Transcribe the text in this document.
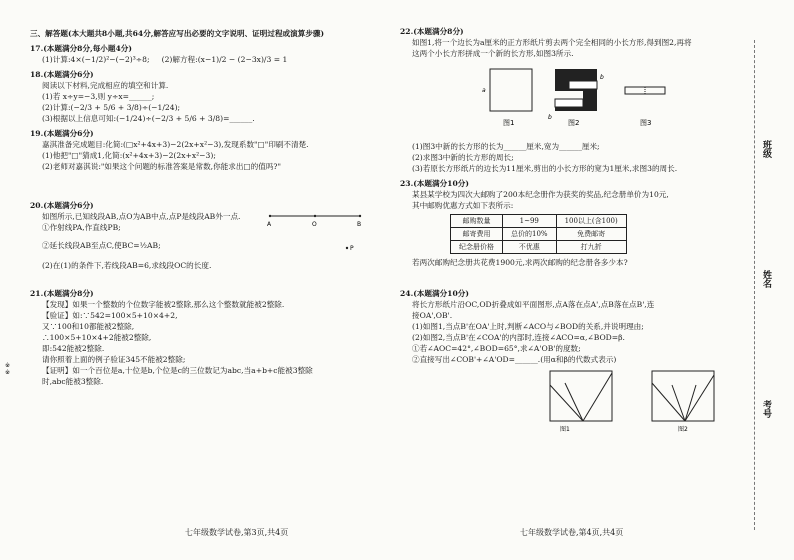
三、解答题(本大题共8小题,共64分,解答应写出必要的文字说明、证明过程或演算步骤)
17.(本题满分8分,每小题4分)
(1)计算:4×(−1/2)²−(−2)³÷8; (2)解方程:(x−1)/2 − (2−3x)/3 = 1
18.(本题满分6分)
阅读以下材料,完成相应的填空和计算.
(1)若 x÷y=−3,则 y÷x=______;
(2)计算:(−2/3 + 5/6 + 3/8)÷(−1/24);
(3)根据以上信息可知:(−1/24)÷(−2/3 + 5/6 + 3/8)=______.
19.(本题满分6分)
嘉淇准备完成题目:化简:(□x²+4x+3)−2(2x+x²−3),发现系数"□"印刷不清楚.
(1)他把"□"猜成1,化简:(x²+4x+3)−2(2x+x²−3);
(2)老师对嘉淇说:"如果这个问题的标准答案是常数,你能求出□的值吗?"
20.(本题满分6分)
如图所示,已知线段AB,点O为AB中点,点P是线段AB外一点.
①作射线PA,作直线PB;
②延长线段AB至点C,使BC=½AB;
(2)在(1)的条件下,若线段AB=6,求线段OC的长度.
A	O	B
P
21.(本题满分8分)
【发现】如果一个整数的个位数字能被2整除,那么这个整数就能被2整除.
【验证】如:∵542=100×5+10×4+2,
又∵100和10都能被2整除,
∴100×5+10×4+2能被2整除,
即:542能被2整除.
请你照着上面的例子验证345不能被2整除;
【证明】如一个百位是a,十位是b,个位是c的三位数记为abc,当a+b+c能被3整除
时,abc能被3整除.
七年级数学试卷,第3页,共4页
22.(本题满分8分)
如图1,将一个边长为a厘米的正方形纸片剪去两个完全相同的小长方形,得到图2,再将
这两个小长方形拼成一个新的长方形,如图3所示.
a
图1
b
b
图2	图3
(1)图3中新的长方形的长为______厘米,宽为______厘米;
(2)求图3中新的长方形的周长;
(3)若原长方形纸片的边长为11厘米,剪出的小长方形的宽为1厘米,求图3的周长.
23.(本题满分10分)
某县某学校为四次大邮购了200本纪念册作为获奖的奖品,纪念册单价为10元,
其中邮购优惠方式如下表所示:
邮购数量	1~99	100以上(含100)
邮寄费用	总价的10%	免费邮寄
纪念册价格	不优惠	打九折
若两次邮购纪念册共花费1900元,求两次邮购的纪念册各多少本?
24.(本题满分10分)
将长方形纸片沿OC,OD折叠成如平面图形,点A落在点A',点B落在点B',连
接OA',OB'.
(1)如图1,当点B'在OA'上时,判断∠ACO与∠BOD的关系,并说明理由;
(2)如图2,当点B'在∠COA'的内部时,连接∠ACO=α,∠BOD=β.
①若∠AOC=42°,∠BOD=65°,求∠A'OB'的度数;
②直接写出∠COB'+∠A'OD=______.(用α和β的代数式表示)
图1	图2
七年级数学试卷,第4页,共4页
班级
姓名
考号
※※
